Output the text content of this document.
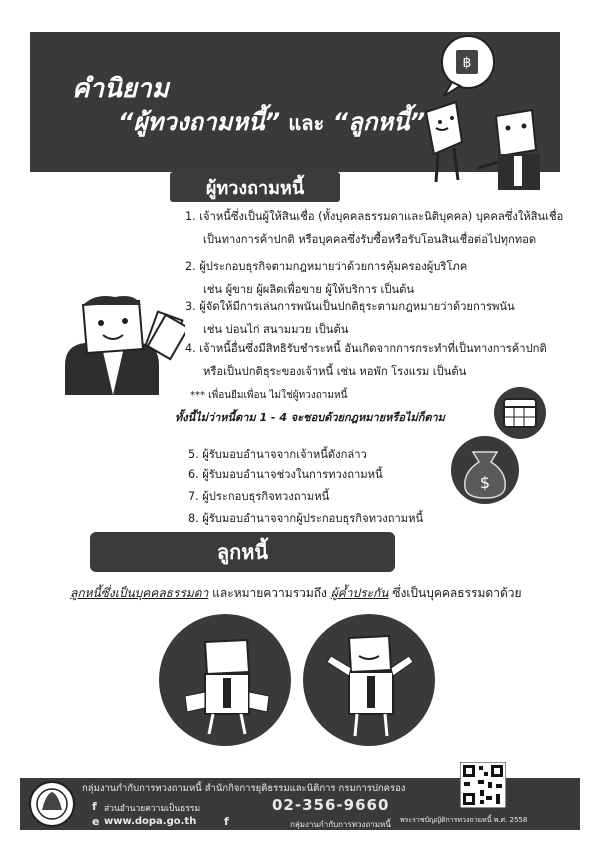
คำนิยาม
“ผู้ทวงถามหนี้” และ “ลูกหนี้”
฿
ผู้ทวงถามหนี้
1. เจ้าหนี้ซึ่งเป็นผู้ให้สินเชื่อ (ทั้งบุคคลธรรมดาและนิติบุคคล) บุคคลซึ่งให้สินเชื่อ
เป็นทางการค้าปกติ หรือบุคคลซึ่งรับซื้อหรือรับโอนสินเชื่อต่อไปทุกทอด
2. ผู้ประกอบธุรกิจตามกฎหมายว่าด้วยการคุ้มครองผู้บริโภค
เช่น ผู้ขาย ผู้ผลิตเพื่อขาย ผู้ให้บริการ เป็นต้น
3. ผู้จัดให้มีการเล่นการพนันเป็นปกติธุระตามกฎหมายว่าด้วยการพนัน
เช่น บ่อนไก่ สนามมวย เป็นต้น
4. เจ้าหนี้อื่นซึ่งมีสิทธิรับชำระหนี้ อันเกิดจากการกระทำที่เป็นทางการค้าปกติ
หรือเป็นปกติธุระของเจ้าหนี้ เช่น หอพัก โรงแรม เป็นต้น
*** เพื่อนยืมเพื่อน ไม่ใช่ผู้ทวงถามหนี้
ทั้งนี้ไม่ว่าหนี้ตาม 1 - 4 จะชอบด้วยกฎหมายหรือไม่ก็ตาม
5. ผู้รับมอบอำนาจจากเจ้าหนี้ดังกล่าว
6. ผู้รับมอบอำนาจช่วงในการทวงถามหนี้
7. ผู้ประกอบธุรกิจทวงถามหนี้
8. ผู้รับมอบอำนาจจากผู้ประกอบธุรกิจทวงถามหนี้
$
ลูกหนี้
ลูกหนี้ซึ่งเป็นบุคคลธรรมดา และหมายความรวมถึง ผู้ค้ำประกัน ซึ่งเป็นบุคคลธรรมดาด้วย
กลุ่มงานกำกับการทวงถามหนี้ สำนักกิจการยุติธรรมและนิติการ กรมการปกครอง
f ส่วนอำนวยความเป็นธรรม	02-356-9660
e www.dopa.go.th	f	กลุ่มงานกำกับการทวงถามหนี้ พระราชบัญญัติการทวงถามหนี้ พ.ศ. 2558
